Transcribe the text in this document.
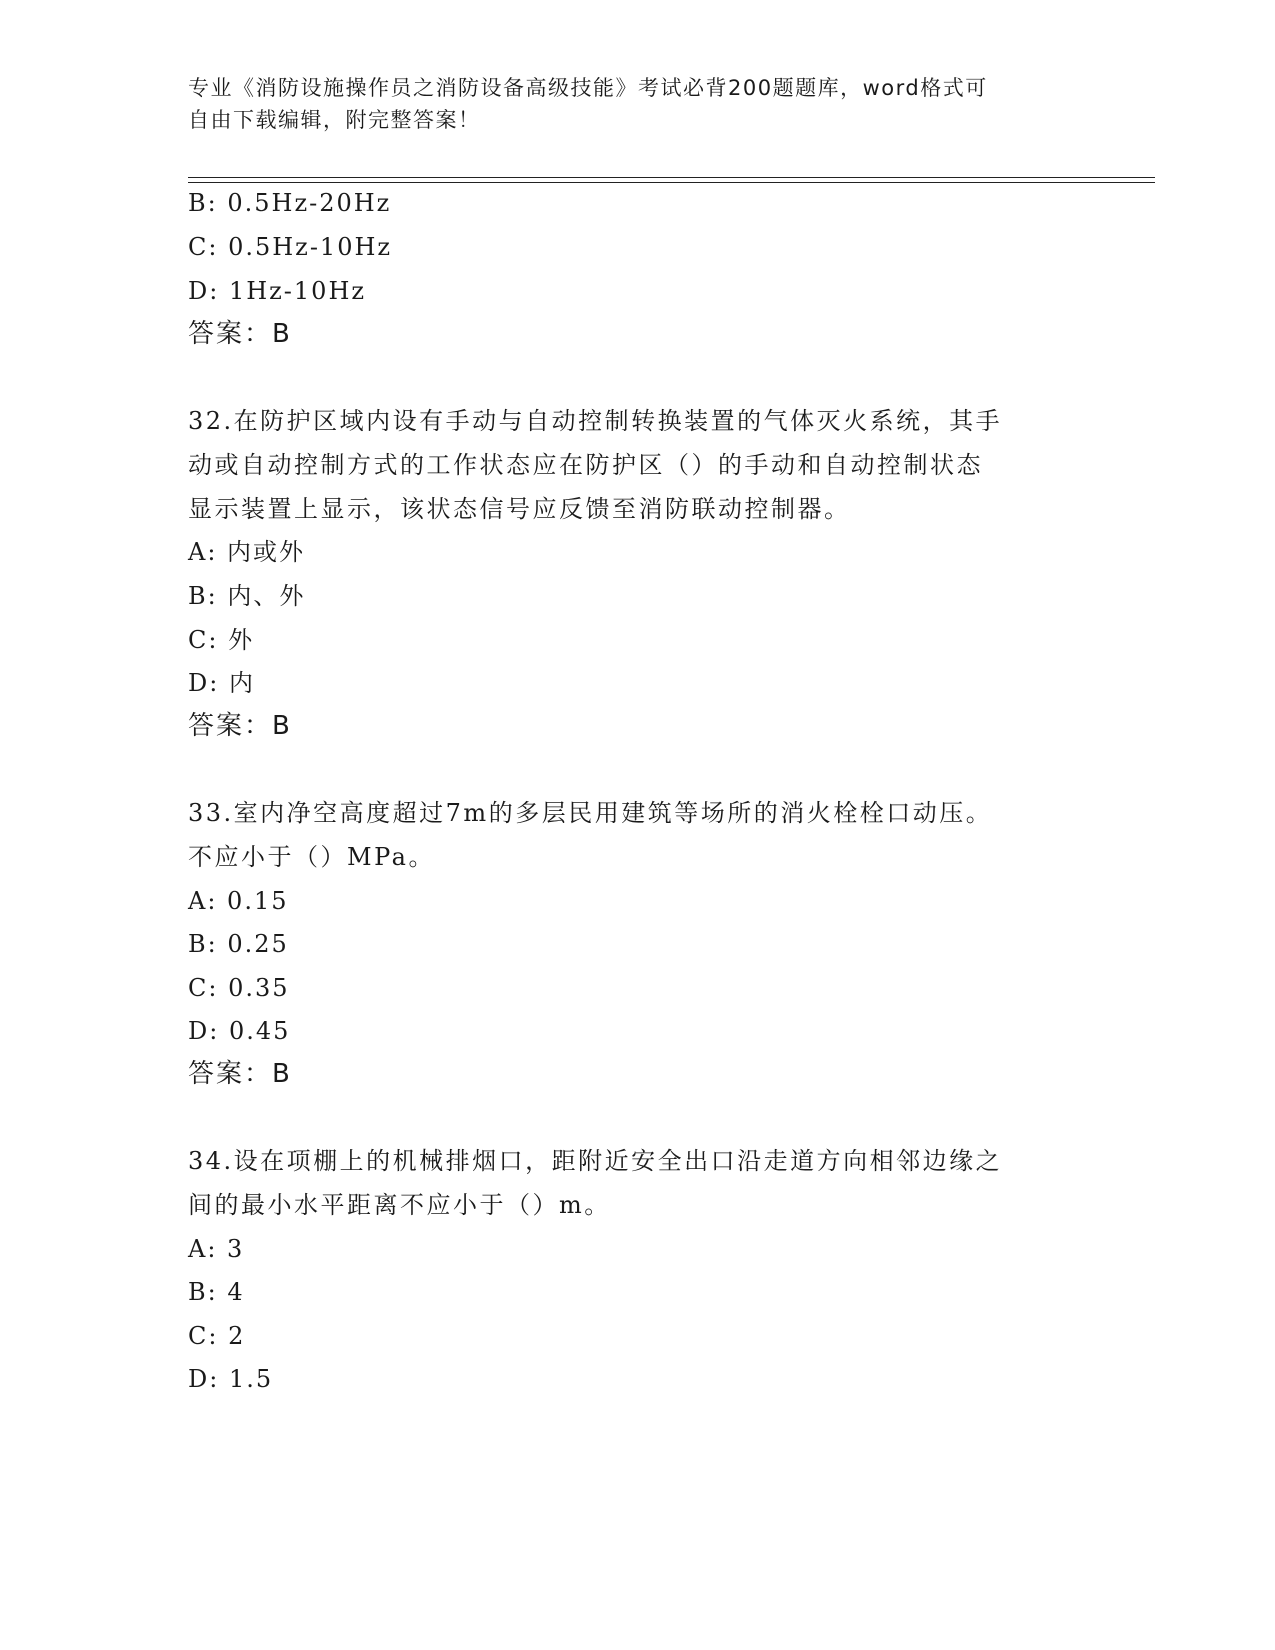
专业《消防设施操作员之消防设备高级技能》考试必背200题题库，word格式可
自由下载编辑，附完整答案！
B: 0.5Hz-20Hz
C: 0.5Hz-10Hz
D: 1Hz-10Hz
答案：B
32.在防护区域内设有手动与自动控制转换装置的气体灭火系统，其手
动或自动控制方式的工作状态应在防护区（）的手动和自动控制状态
显示装置上显示，该状态信号应反馈至消防联动控制器。
A: 内或外
B: 内、外
C: 外
D: 内
答案：B
33.室内净空高度超过7m的多层民用建筑等场所的消火栓栓口动压。
不应小于（）MPa。
A: 0.15
B: 0.25
C: 0.35
D: 0.45
答案：B
34.设在项棚上的机械排烟口，距附近安全出口沿走道方向相邻边缘之
间的最小水平距离不应小于（）m。
A: 3
B: 4
C: 2
D: 1.5
